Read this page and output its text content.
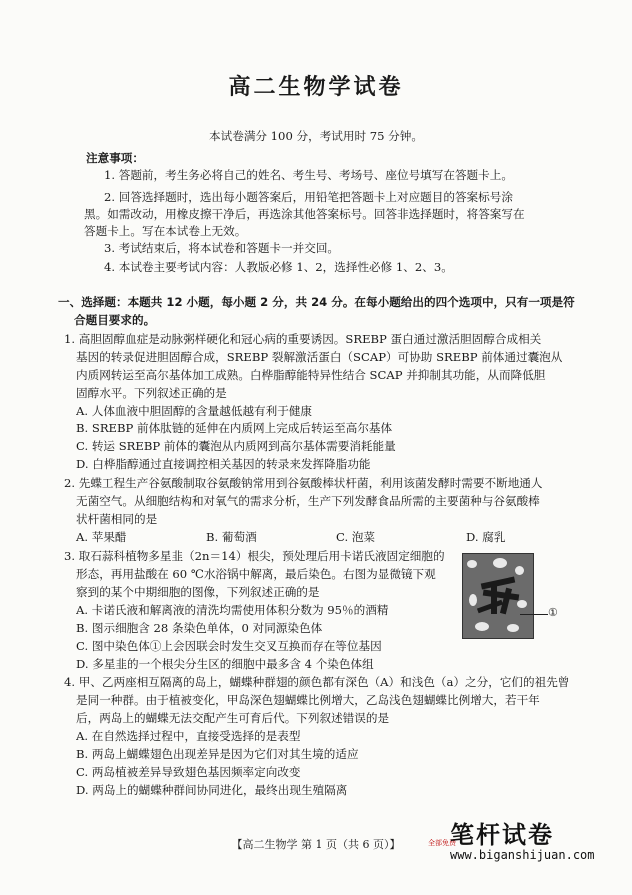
高二生物学试卷
本试卷满分 100 分，考试用时 75 分钟。
注意事项：
1. 答题前，考生务必将自己的姓名、考生号、考场号、座位号填写在答题卡上。
2. 回答选择题时，选出每小题答案后，用铅笔把答题卡上对应题目的答案标号涂
黑。如需改动，用橡皮擦干净后，再选涂其他答案标号。回答非选择题时，将答案写在
答题卡上。写在本试卷上无效。
3. 考试结束后，将本试卷和答题卡一并交回。
4. 本试卷主要考试内容：人教版必修 1、2，选择性必修 1、2、3。
一、选择题：本题共 12 小题，每小题 2 分，共 24 分。在每小题给出的四个选项中，只有一项是符
合题目要求的。
1. 高胆固醇血症是动脉粥样硬化和冠心病的重要诱因。SREBP 蛋白通过激活胆固醇合成相关
基因的转录促进胆固醇合成，SREBP 裂解激活蛋白（SCAP）可协助 SREBP 前体通过囊泡从
内质网转运至高尔基体加工成熟。白桦脂醇能特异性结合 SCAP 并抑制其功能，从而降低胆
固醇水平。下列叙述正确的是
A. 人体血液中胆固醇的含量越低越有利于健康
B. SREBP 前体肽链的延伸在内质网上完成后转运至高尔基体
C. 转运 SREBP 前体的囊泡从内质网到高尔基体需要消耗能量
D. 白桦脂醇通过直接调控相关基因的转录来发挥降脂功能
2. 先蝶工程生产谷氨酸制取谷氨酸钠常用到谷氨酸棒状杆菌，利用该菌发酵时需要不断地通人
无菌空气。从细胞结构和对氧气的需求分析，生产下列发酵食品所需的主要菌种与谷氨酸棒
状杆菌相同的是
A. 苹果醋	B. 葡萄酒	C. 泡菜	D. 腐乳
3. 取石蒜科植物多星韭（2n＝14）根尖，预处理后用卡诺氏液固定细胞的
形态，再用盐酸在 60 ℃水浴锅中解离，最后染色。右图为显微镜下观
察到的某个中期细胞的图像，下列叙述正确的是
A. 卡诺氏液和解离液的清洗均需使用体积分数为 95％的酒精
B. 图示细胞含 28 条染色单体，0 对同源染色体
C. 图中染色体①上会因联会时发生交叉互换而存在等位基因
D. 多星韭的一个根尖分生区的细胞中最多含 4 个染色体组
①
4. 甲、乙两座相互隔离的岛上，蝴蝶种群翅的颜色都有深色（A）和浅色（a）之分，它们的祖先曾
是同一种群。由于植被变化，甲岛深色翅蝴蝶比例增大，乙岛浅色翅蝴蝶比例增大，若干年
后，两岛上的蝴蝶无法交配产生可育后代。下列叙述错误的是
A. 在自然选择过程中，直接受选择的是表型
B. 两岛上蝴蝶翅色出现差异是因为它们对其生境的适应
C. 两岛植被差异导致翅色基因频率定向改变
D. 两岛上的蝴蝶种群间协同进化，最终出现生殖隔离
【高二生物学 第 1 页（共 6 页）】	全部免费
笔杆试卷
www.biganshijuan.com
